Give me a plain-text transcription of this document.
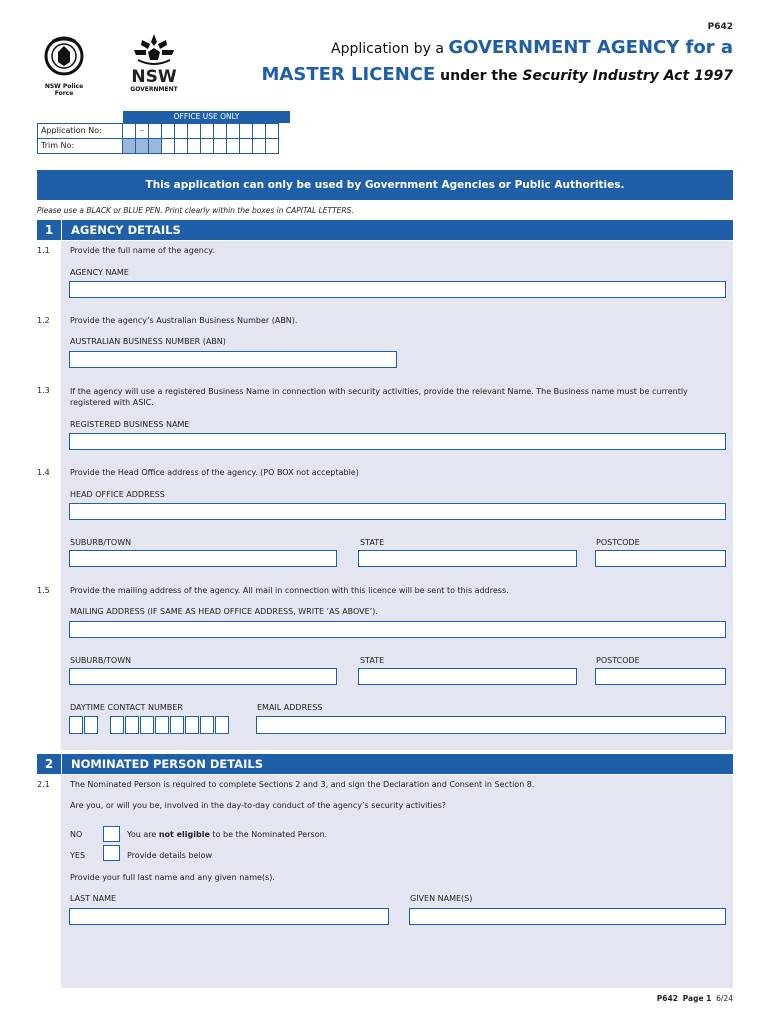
P642
NSW Police Force
NSW
GOVERNMENT
Application by a GOVERNMENT AGENCY for a
MASTER LICENCE under the Security Industry Act 1997
OFFICE USE ONLY
Application No:	–
Trim No:
This application can only be used by Government Agencies or Public Authorities.
Please use a BLACK or BLUE PEN. Print clearly within the boxes in CAPITAL LETTERS.
1	AGENCY DETAILS
1.1	Provide the full name of the agency.
AGENCY NAME
1.2	Provide the agency’s Australian Business Number (ABN).
AUSTRALIAN BUSINESS NUMBER (ABN)
1.3	If the agency will use a registered Business Name in connection with security activities, provide the relevant Name. The Business name must be currently registered with ASIC.
REGISTERED BUSINESS NAME
1.4	Provide the Head Office address of the agency. (PO BOX not acceptable)
HEAD OFFICE ADDRESS
SUBURB/TOWN	STATE	POSTCODE
1.5	Provide the mailing address of the agency. All mail in connection with this licence will be sent to this address.
MAILING ADDRESS (IF SAME AS HEAD OFFICE ADDRESS, WRITE ‘AS ABOVE’).
SUBURB/TOWN	STATE	POSTCODE
DAYTIME CONTACT NUMBER	EMAIL ADDRESS
2	NOMINATED PERSON DETAILS
2.1	The Nominated Person is required to complete Sections 2 and 3, and sign the Declaration and Consent in Section 8.
Are you, or will you be, involved in the day-to-day conduct of the agency’s security activities?
NO	You are not eligible to be the Nominated Person.
YES	Provide details below
Provide your full last name and any given name(s).
LAST NAME	GIVEN NAME(S)
P642 Page 1 6/24
